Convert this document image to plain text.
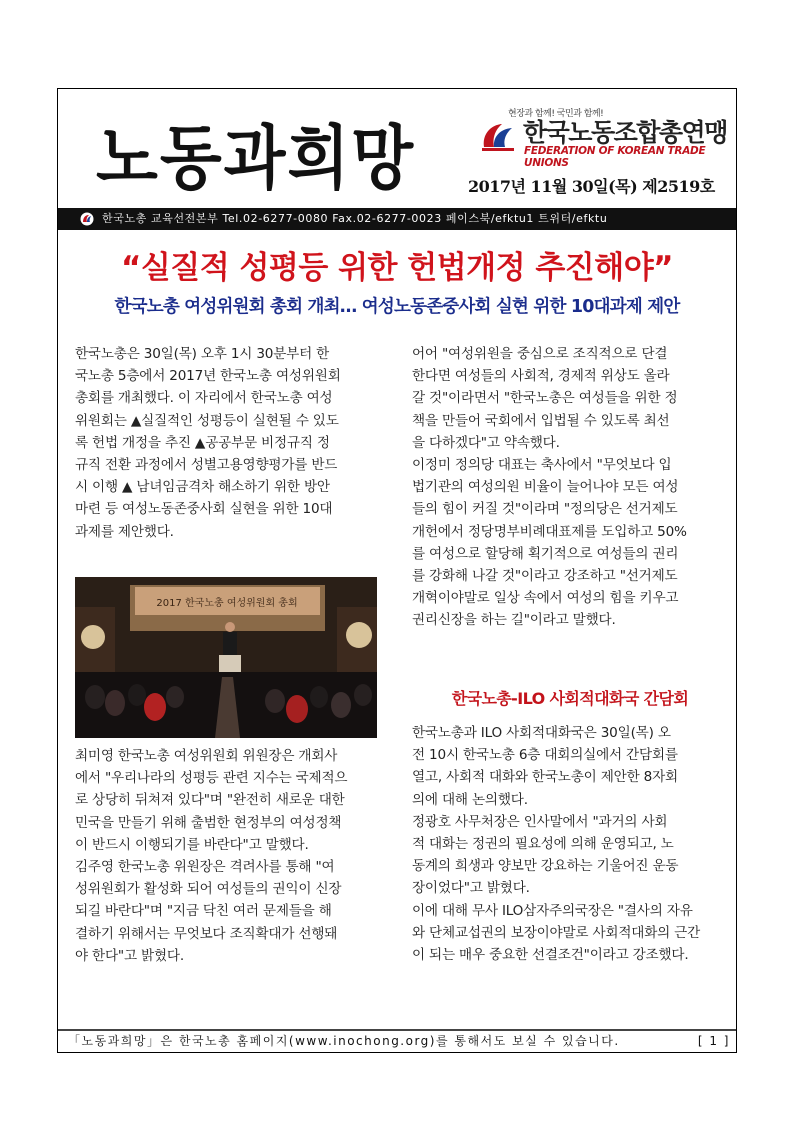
노동과희망
현장과 함께! 국민과 함께!
한국노동조합총연맹
FEDERATION OF KOREAN TRADE UNIONS
2017년 11월 30일(목) 제2519호
한국노총 교육선전본부 Tel.02-6277-0080 Fax.02-6277-0023 페이스북/efktu1 트위터/efktu
“실질적 성평등 위한 헌법개정 추진해야”
한국노총 여성위원회 총회 개최… 여성노동존중사회 실현 위한 10대과제 제안
한국노총은 30일(목) 오후 1시 30분부터 한
국노총 5층에서 2017년 한국노총 여성위원회
총회를 개최했다. 이 자리에서 한국노총 여성
위원회는 ▲실질적인 성평등이 실현될 수 있도
록 헌법 개정을 추진 ▲공공부문 비정규직 정
규직 전환 과정에서 성별고용영향평가를 반드
시 이행 ▲ 남녀임금격차 해소하기 위한 방안
마련 등 여성노동존중사회 실현을 위한 10대
과제를 제안했다.
2017 한국노총 여성위원회 총회
최미영 한국노총 여성위원회 위원장은 개회사
에서 "우리나라의 성평등 관련 지수는 국제적으
로 상당히 뒤쳐져 있다"며 "완전히 새로운 대한
민국을 만들기 위해 출범한 현정부의 여성정책
이 반드시 이행되기를 바란다"고 말했다.
김주영 한국노총 위원장은 격려사를 통해 "여
성위원회가 활성화 되어 여성들의 권익이 신장
되길 바란다"며 "지금 닥친 여러 문제들을 해
결하기 위해서는 무엇보다 조직확대가 선행돼
야 한다"고 밝혔다.
어어 "여성위원을 중심으로 조직적으로 단결
한다면 여성들의 사회적, 경제적 위상도 올라
갈 것"이라면서 "한국노총은 여성들을 위한 정
책을 만들어 국회에서 입법될 수 있도록 최선
을 다하겠다"고 약속했다.
이정미 정의당 대표는 축사에서 "무엇보다 입
법기관의 여성의원 비율이 늘어나야 모든 여성
들의 힘이 커질 것"이라며 "정의당은 선거제도
개헌에서 정당명부비례대표제를 도입하고 50%
를 여성으로 할당해 획기적으로 여성들의 권리
를 강화해 나갈 것"이라고 강조하고 "선거제도
개혁이야말로 일상 속에서 여성의 힘을 키우고
권리신장을 하는 길"이라고 말했다.
한국노총-ILO 사회적대화국 간담회
한국노총과 ILO 사회적대화국은 30일(목) 오
전 10시 한국노총 6층 대회의실에서 간담회를
열고, 사회적 대화와 한국노총이 제안한 8자회
의에 대해 논의했다.
정광호 사무처장은 인사말에서 "과거의 사회
적 대화는 정권의 필요성에 의해 운영되고, 노
동계의 희생과 양보만 강요하는 기울어진 운동
장이었다"고 밝혔다.
이에 대해 무사 ILO삼자주의국장은 "결사의 자유
와 단체교섭권의 보장이야말로 사회적대화의 근간
이 되는 매우 중요한 선결조건"이라고 강조했다.
「노동과희망」은 한국노총 홈페이지(www.inochong.org)를 통해서도 보실 수 있습니다.	[ 1 ]
